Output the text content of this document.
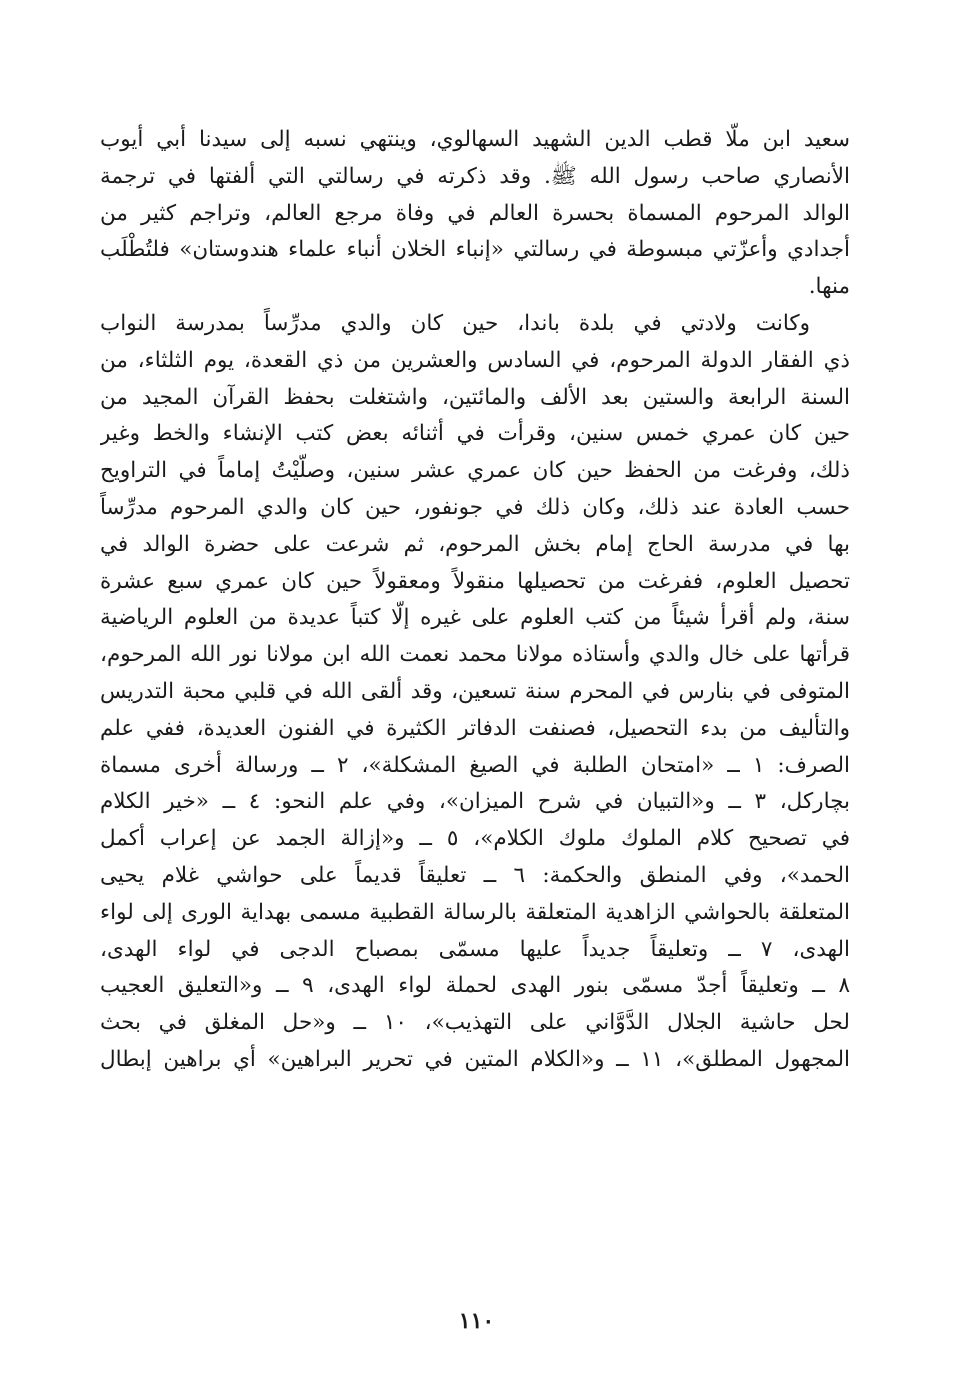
سعيد ابن ملّا قطب الدين الشهيد السهالوي، وينتهي نسبه إلى سيدنا أبي أيوب
الأنصاري صاحب رسول الله ﷺ. وقد ذكرته في رسالتي التي ألفتها في ترجمة
الوالد المرحوم المسماة بحسرة العالم في وفاة مرجع العالم، وتراجم كثير من
أجدادي وأعزّتي مبسوطة في رسالتي «إنباء الخلان أنباء علماء هندوستان» فلتُطْلَب
منها.
وكانت ولادتي في بلدة باندا، حين كان والدي مدرِّساً بمدرسة النواب
ذي الفقار الدولة المرحوم، في السادس والعشرين من ذي القعدة، يوم الثلثاء، من
السنة الرابعة والستين بعد الألف والمائتين، واشتغلت بحفظ القرآن المجيد من
حين كان عمري خمس سنين، وقرأت في أثنائه بعض كتب الإنشاء والخط وغير
ذلك، وفرغت من الحفظ حين كان عمري عشر سنين، وصلَّيْتُ إماماً في التراويح
حسب العادة عند ذلك، وكان ذلك في جونفور، حين كان والدي المرحوم مدرِّساً
بها في مدرسة الحاج إمام بخش المرحوم، ثم شرعت على حضرة الوالد في
تحصيل العلوم، ففرغت من تحصيلها منقولاً ومعقولاً حين كان عمري سبع عشرة
سنة، ولم أقرأ شيئاً من كتب العلوم على غيره إلّا كتباً عديدة من العلوم الرياضية
قرأتها على خال والدي وأستاذه مولانا محمد نعمت الله ابن مولانا نور الله المرحوم،
المتوفى في بنارس في المحرم سنة تسعين، وقد ألقى الله في قلبي محبة التدريس
والتأليف من بدء التحصيل، فصنفت الدفاتر الكثيرة في الفنون العديدة، ففي علم
الصرف: ١ ــ «امتحان الطلبة في الصيغ المشكلة»، ٢ ــ ورسالة أخرى مسماة
بچاركل، ٣ ــ و«التبيان في شرح الميزان»، وفي علم النحو: ٤ ــ «خير الكلام
في تصحيح كلام الملوك ملوك الكلام»، ٥ ــ و«إزالة الجمد عن إعراب أكمل
الحمد»، وفي المنطق والحكمة: ٦ ــ تعليقاً قديماً على حواشي غلام يحيى
المتعلقة بالحواشي الزاهدية المتعلقة بالرسالة القطبية مسمى بهداية الورى إلى لواء
الهدى، ٧ ــ وتعليقاً جديداً عليها مسمّى بمصباح الدجى في لواء الهدى،
٨ ــ وتعليقاً أجدّ مسمّى بنور الهدى لحملة لواء الهدى، ٩ ــ و«التعليق العجيب
لحل حاشية الجلال الدَّوَّاني على التهذيب»، ١٠ ــ و«حل المغلق في بحث
المجهول المطلق»، ١١ ــ و«الكلام المتين في تحرير البراهين» أي براهين إبطال
١١٠
